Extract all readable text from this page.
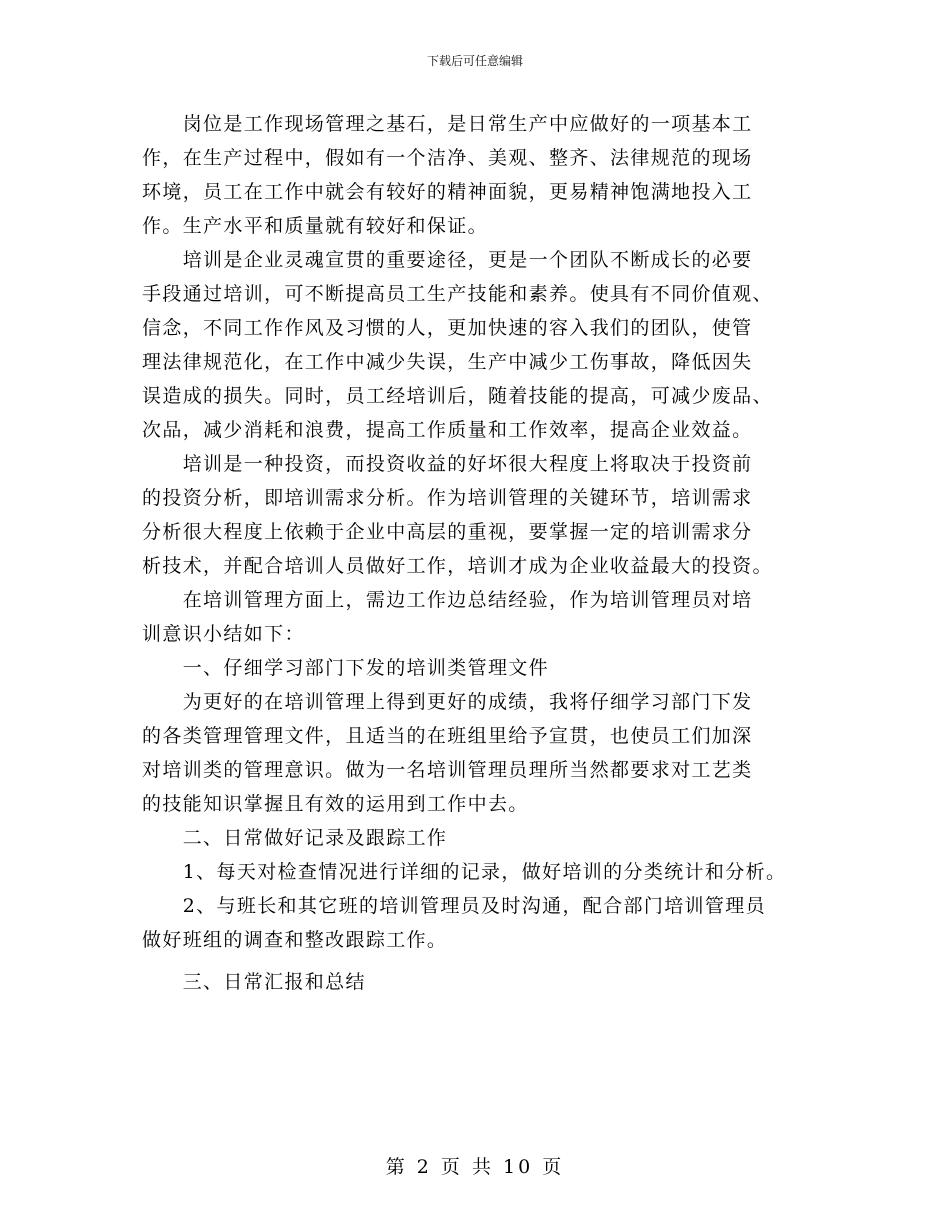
下载后可任意编辑
　　岗位是工作现场管理之基石，是日常生产中应做好的一项基本工
作，在生产过程中，假如有一个洁净、美观、整齐、法律规范的现场
环境，员工在工作中就会有较好的精神面貌，更易精神饱满地投入工
作。生产水平和质量就有较好和保证。
　　培训是企业灵魂宣贯的重要途径，更是一个团队不断成长的必要
手段通过培训，可不断提高员工生产技能和素养。使具有不同价值观、
信念，不同工作作风及习惯的人，更加快速的容入我们的团队，使管
理法律规范化，在工作中减少失误，生产中减少工伤事故，降低因失
误造成的损失。同时，员工经培训后，随着技能的提高，可减少废品、
次品，减少消耗和浪费，提高工作质量和工作效率，提高企业效益。
　　培训是一种投资，而投资收益的好坏很大程度上将取决于投资前
的投资分析，即培训需求分析。作为培训管理的关键环节，培训需求
分析很大程度上依赖于企业中高层的重视，要掌握一定的培训需求分
析技术，并配合培训人员做好工作，培训才成为企业收益最大的投资。
　　在培训管理方面上，需边工作边总结经验，作为培训管理员对培
训意识小结如下：
　　一、仔细学习部门下发的培训类管理文件
　　为更好的在培训管理上得到更好的成绩，我将仔细学习部门下发
的各类管理管理文件，且适当的在班组里给予宣贯，也使员工们加深
对培训类的管理意识。做为一名培训管理员理所当然都要求对工艺类
的技能知识掌握且有效的运用到工作中去。
　　二、日常做好记录及跟踪工作
　　1、每天对检查情况进行详细的记录，做好培训的分类统计和分析。
　　2、与班长和其它班的培训管理员及时沟通，配合部门培训管理员
做好班组的调查和整改跟踪工作。
　　三、日常汇报和总结
第 2 页 共 10 页
